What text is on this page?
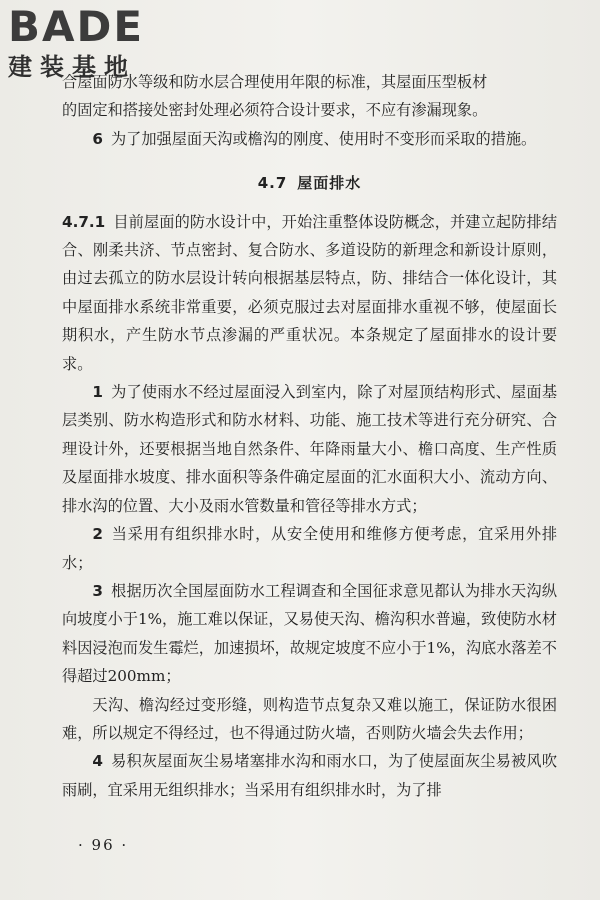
BADE
建装基地

合屋面防水等级和防水层合理使用年限的标准，其屋面压型板材

的固定和搭接处密封处理必须符合设计要求，不应有渗漏现象。

6 为了加强屋面天沟或檐沟的刚度、使用时不变形而采取的措施。

4.7 屋面排水

4.7.1 目前屋面的防水设计中，开始注重整体设防概念，并建立起防排结合、刚柔共济、节点密封、复合防水、多道设防的新理念和新设计原则，由过去孤立的防水层设计转向根据基层特点，防、排结合一体化设计，其中屋面排水系统非常重要，必须克服过去对屋面排水重视不够，使屋面长期积水，产生防水节点渗漏的严重状况。本条规定了屋面排水的设计要求。

1 为了使雨水不经过屋面浸入到室内，除了对屋顶结构形式、屋面基层类别、防水构造形式和防水材料、功能、施工技术等进行充分研究、合理设计外，还要根据当地自然条件、年降雨量大小、檐口高度、生产性质及屋面排水坡度、排水面积等条件确定屋面的汇水面积大小、流动方向、排水沟的位置、大小及雨水管数量和管径等排水方式；

2 当采用有组织排水时，从安全使用和维修方便考虑，宜采用外排水；

3 根据历次全国屋面防水工程调查和全国征求意见都认为排水天沟纵向坡度小于1%，施工难以保证，又易使天沟、檐沟积水普遍，致使防水材料因浸泡而发生霉烂，加速损坏，故规定坡度不应小于1%，沟底水落差不得超过200mm；

天沟、檐沟经过变形缝，则构造节点复杂又难以施工，保证防水很困难，所以规定不得经过，也不得通过防火墙，否则防火墙会失去作用；

4 易积灰屋面灰尘易堵塞排水沟和雨水口，为了使屋面灰尘易被风吹雨刷，宜采用无组织排水；当采用有组织排水时，为了排

· 96 ·
